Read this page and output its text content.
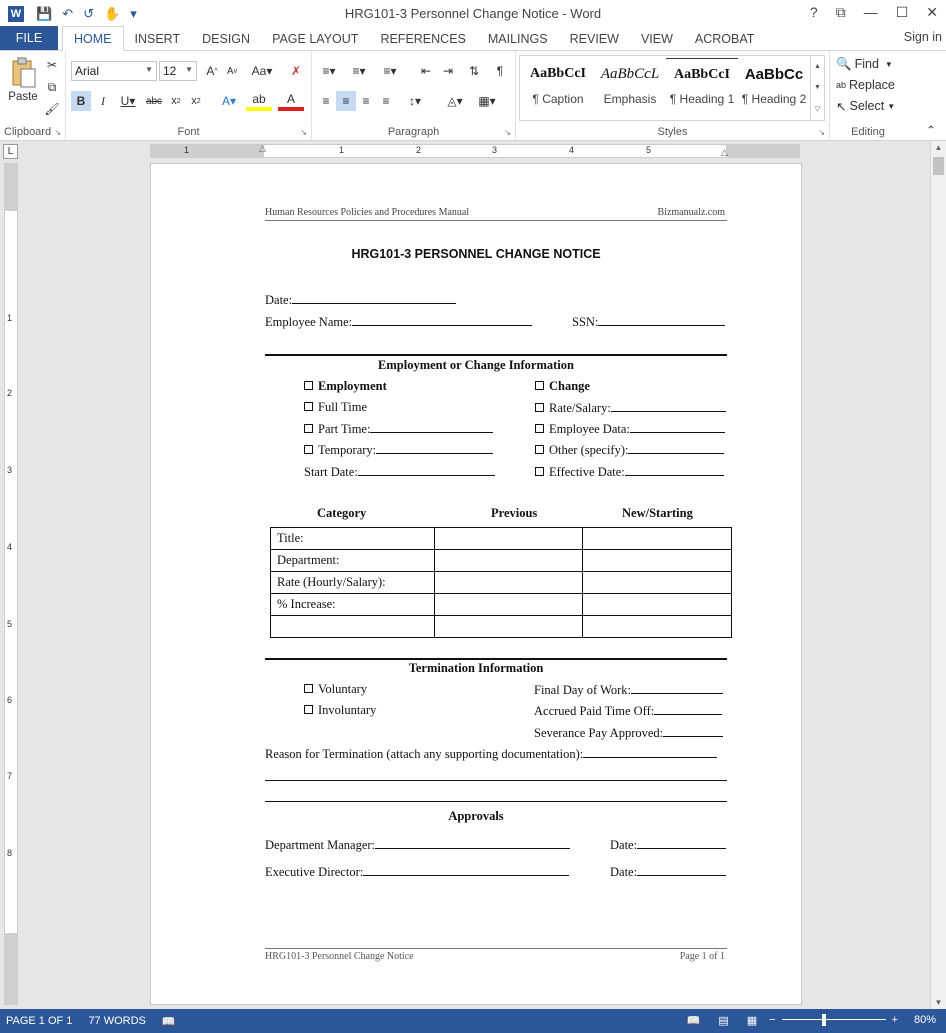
W 💾 ↶ ↺ ✋ ▾	HRG101-3 Personnel Change Notice - Word	? ⧉ — ☐ ✕
FILE	HOME	INSERT	DESIGN	PAGE LAYOUT	REFERENCES	MAILINGS	REVIEW	VIEW	ACROBAT	Sign in
Paste
✂
⧉
🖌
Clipboard ↘
Arial	▼ 12 ▼	A ^ A v	Aa▾	✗
B	I	U▾	abc x 2 x 2	A▾	ab	A
Font	↘
≡▾	≡▾	≡▾	⇤ ⇥	⇅	¶
≡	≡	≡	≡	↕▾	◬▾	▦▾
Paragraph	↘
AaBbCcI
¶ Caption
AaBbCcL
Emphasis
AaBbCcI
¶ Heading 1
AaBbCc
¶ Heading 2
▲
▼
▽
Styles	↘
🔍 Find ▼
ab Replace
↖ Select ▼
Editing	⌃
L	1	1	2	3	4	5
△	△
1
2
3
4
5
6
7
8
▲
▼
Human Resources Policies and Procedures Manual	Bizmanualz.com
HRG101-3 PERSONNEL CHANGE NOTICE
Date:
Employee Name:	SSN:
Employment or Change Information
Employment
Full Time
Part Time:
Temporary:
Start Date:
Change
Rate/Salary:
Employee Data:
Other (specify):
Effective Date:
Category	Previous	New/Starting
Title:		
Department:		
Rate (Hourly/Salary):		
% Increase:		

Termination Information
Voluntary
Involuntary
Final Day of Work:
Accrued Paid Time Off:
Severance Pay Approved:
Reason for Termination (attach any supporting documentation):
Approvals
Department Manager:	Date:
Executive Director:	Date:
HRG101-3 Personnel Change Notice	Page 1 of 1
PAGE 1 OF 1 77 WORDS 📖	📖 ▤ ▦ −	+ 80%
